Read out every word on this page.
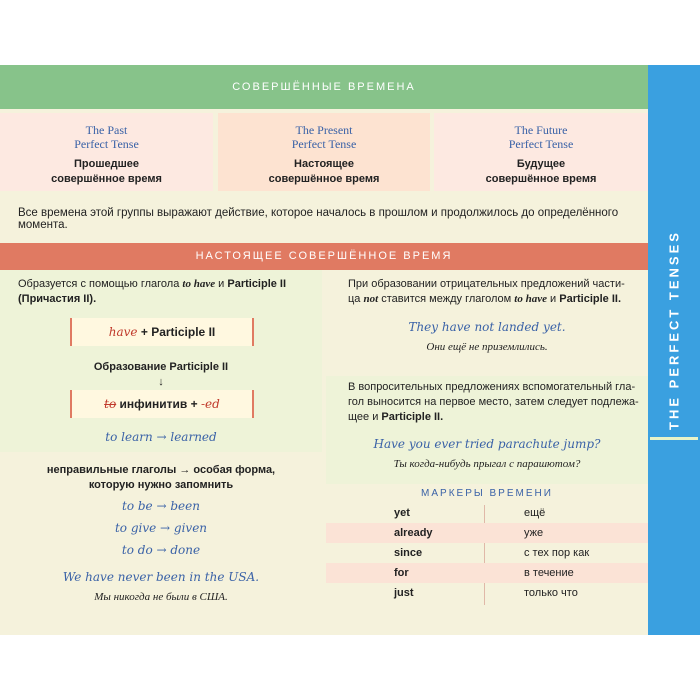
THE PERFECT TENSES
СОВЕРШЁННЫЕ ВРЕМЕНА
The Past
Perfect Tense
Прошедшее
совершённое время
The Present
Perfect Tense
Настоящее
совершённое время
The Future
Perfect Tense
Будущее
совершённое время
Все времена этой группы выражают действие, которое началось в прошлом и продолжилось до определённого момента.
НАСТОЯЩЕЕ СОВЕРШЁННОЕ ВРЕМЯ
Образуется с помощью глагола to have и Participle II
(Причастия II).
have + Participle II
Образование Participle II
↓
to инфинитив + -ed
to learn → learned
неправильные глаголы → особая форма,
которую нужно запомнить
to be → been
to give → given
to do → done
We have never been in the USA.
Мы никогда не были в США.
При образовании отрицательных предложений части-
ца not ставится между глаголом to have и Participle II.
They have not landed yet.
Они ещё не приземлились.
В вопросительных предложениях вспомогательный гла-
гол выносится на первое место, затем следует подлежа-
щее и Participle II.
Have you ever tried parachute jump?
Ты когда-нибудь прыгал с парашютом?
МАРКЕРЫ ВРЕМЕНИ
yet	ещё
already	уже
since	с тех пор как
for	в течение
just	только что
